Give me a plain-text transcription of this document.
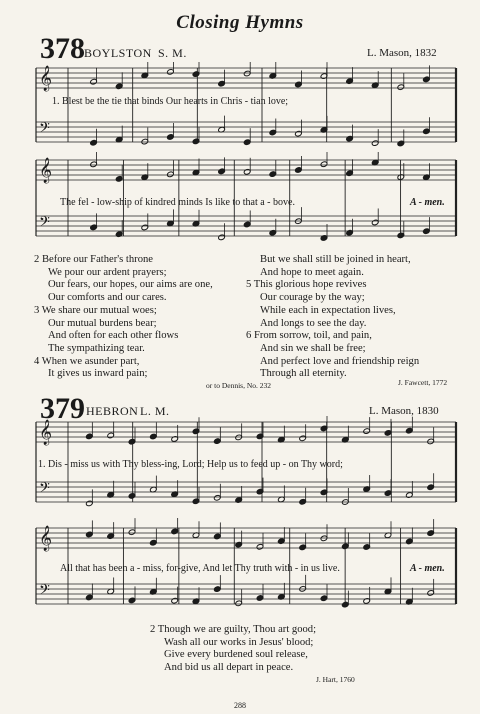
Closing Hymns
378 BOYLSTON S. M.	L. Mason, 1832
𝄞
𝄢
1. Blest be the tie that binds Our hearts in Chris - tian love;
𝄞
𝄢
The fel - low-ship of kindred minds Is like to that a - bove.	A - men.
2 Before our Father's throne
We pour our ardent prayers;
Our fears, our hopes, our aims are one,
Our comforts and our cares.
3 We share our mutual woes;
Our mutual burdens bear;
And often for each other flows
The sympathizing tear.
4 When we asunder part,
It gives us inward pain;
But we shall still be joined in heart,
And hope to meet again.
5 This glorious hope revives
Our courage by the way;
While each in expectation lives,
And longs to see the day.
6 From sorrow, toil, and pain,
And sin we shall be free;
And perfect love and friendship reign
Through all eternity.
or to Dennis, No. 232	J. Fawcett, 1772
379 HEBRON L. M.	L. Mason, 1830
𝄞
𝄢
1. Dis - miss us with Thy bless-ing, Lord; Help us to feed up - on Thy word;
𝄞
𝄢
All that has been a - miss, for-give, And let Thy truth with - in us live.	A - men.
2 Though we are guilty, Thou art good;
Wash all our works in Jesus' blood;
Give every burdened soul release,
And bid us all depart in peace.
J. Hart, 1760
288
